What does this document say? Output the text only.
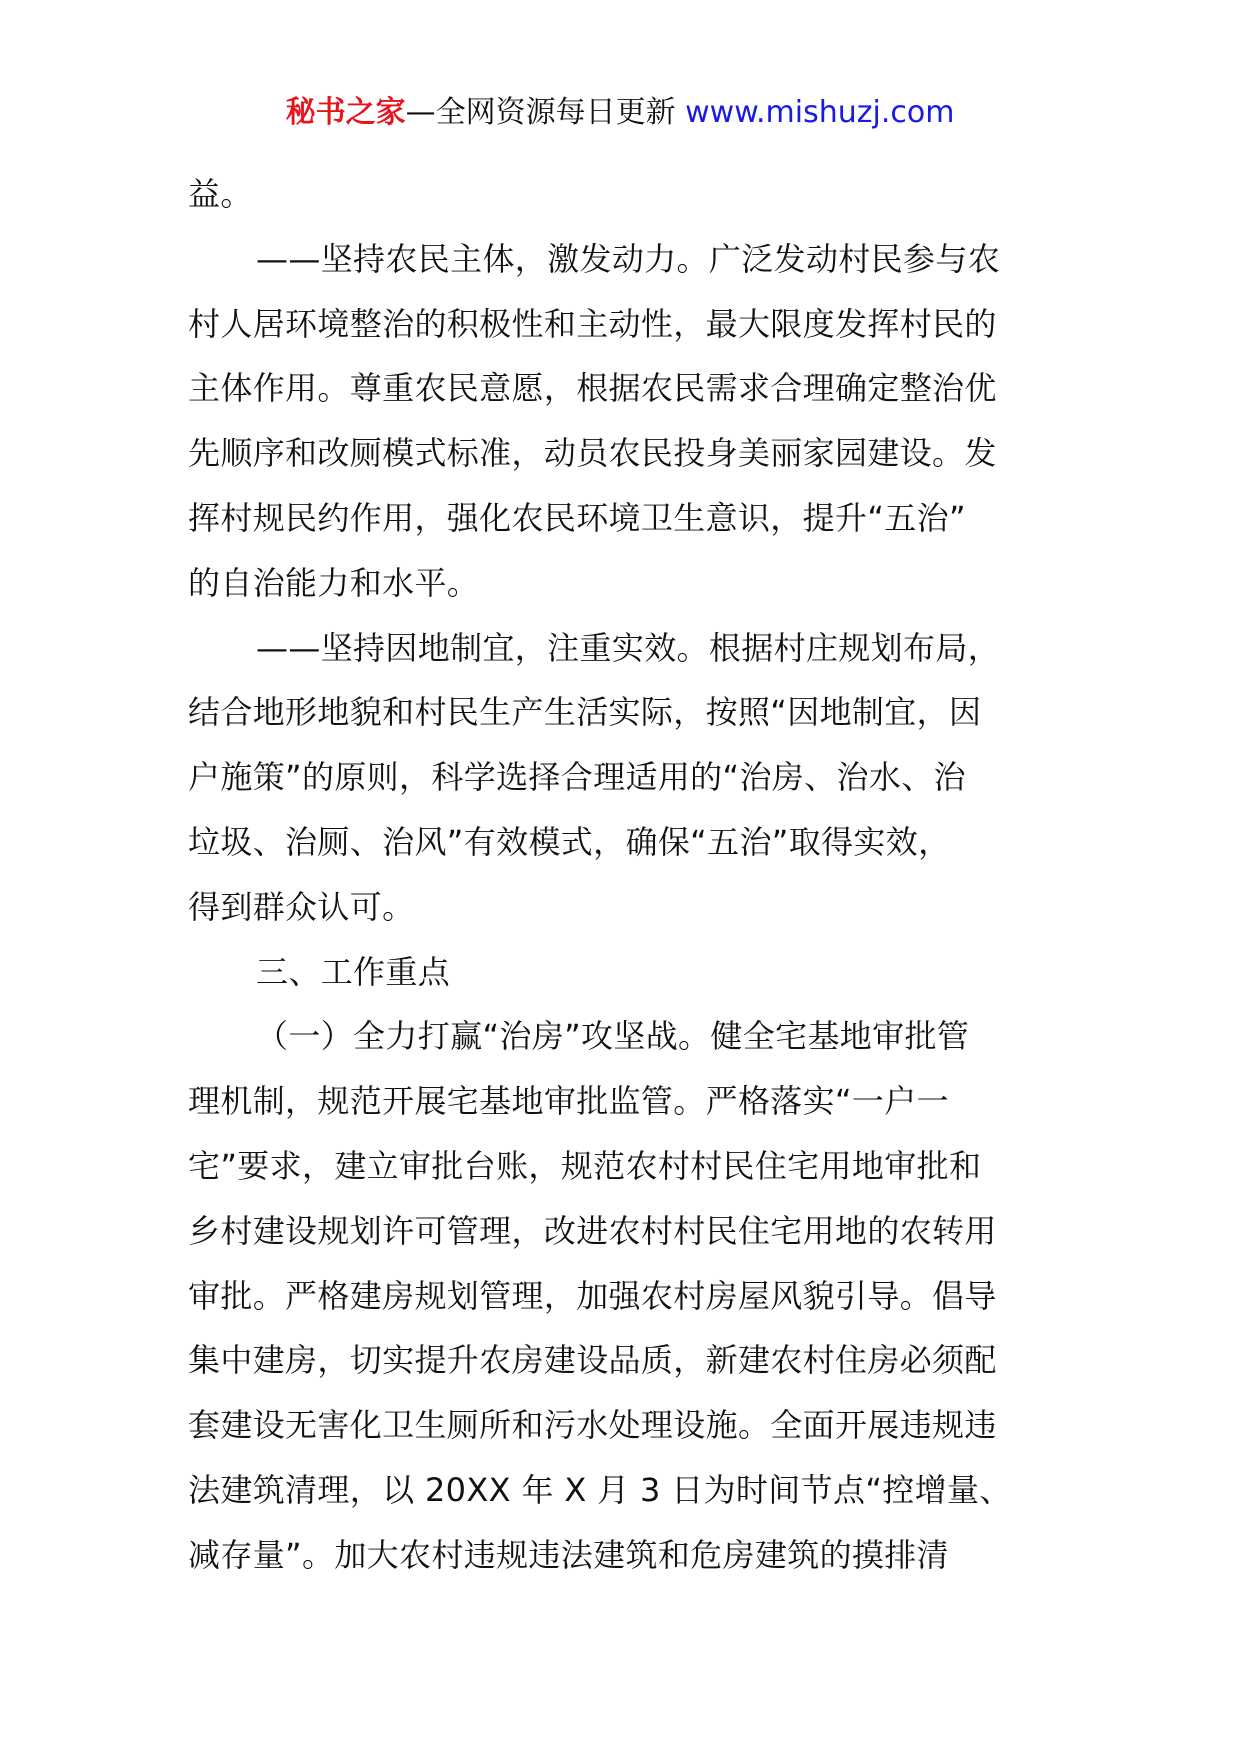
秘书之家—全网资源每日更新 www.mishuzj.com
益。
——坚持农民主体，激发动力。广泛发动村民参与农
村人居环境整治的积极性和主动性，最大限度发挥村民的
主体作用。尊重农民意愿，根据农民需求合理确定整治优
先顺序和改厕模式标准，动员农民投身美丽家园建设。发
挥村规民约作用，强化农民环境卫生意识，提升“五治”
的自治能力和水平。
——坚持因地制宜，注重实效。根据村庄规划布局，
结合地形地貌和村民生产生活实际，按照“因地制宜，因
户施策”的原则，科学选择合理适用的“治房、治水、治
垃圾、治厕、治风”有效模式，确保“五治”取得实效，
得到群众认可。
三、工作重点
（一）全力打赢“治房”攻坚战。健全宅基地审批管
理机制，规范开展宅基地审批监管。严格落实“一户一
宅”要求，建立审批台账，规范农村村民住宅用地审批和
乡村建设规划许可管理，改进农村村民住宅用地的农转用
审批。严格建房规划管理，加强农村房屋风貌引导。倡导
集中建房，切实提升农房建设品质，新建农村住房必须配
套建设无害化卫生厕所和污水处理设施。全面开展违规违
法建筑清理，以 20XX 年 X 月 3 日为时间节点“控增量、
减存量”。加大农村违规违法建筑和危房建筑的摸排清
